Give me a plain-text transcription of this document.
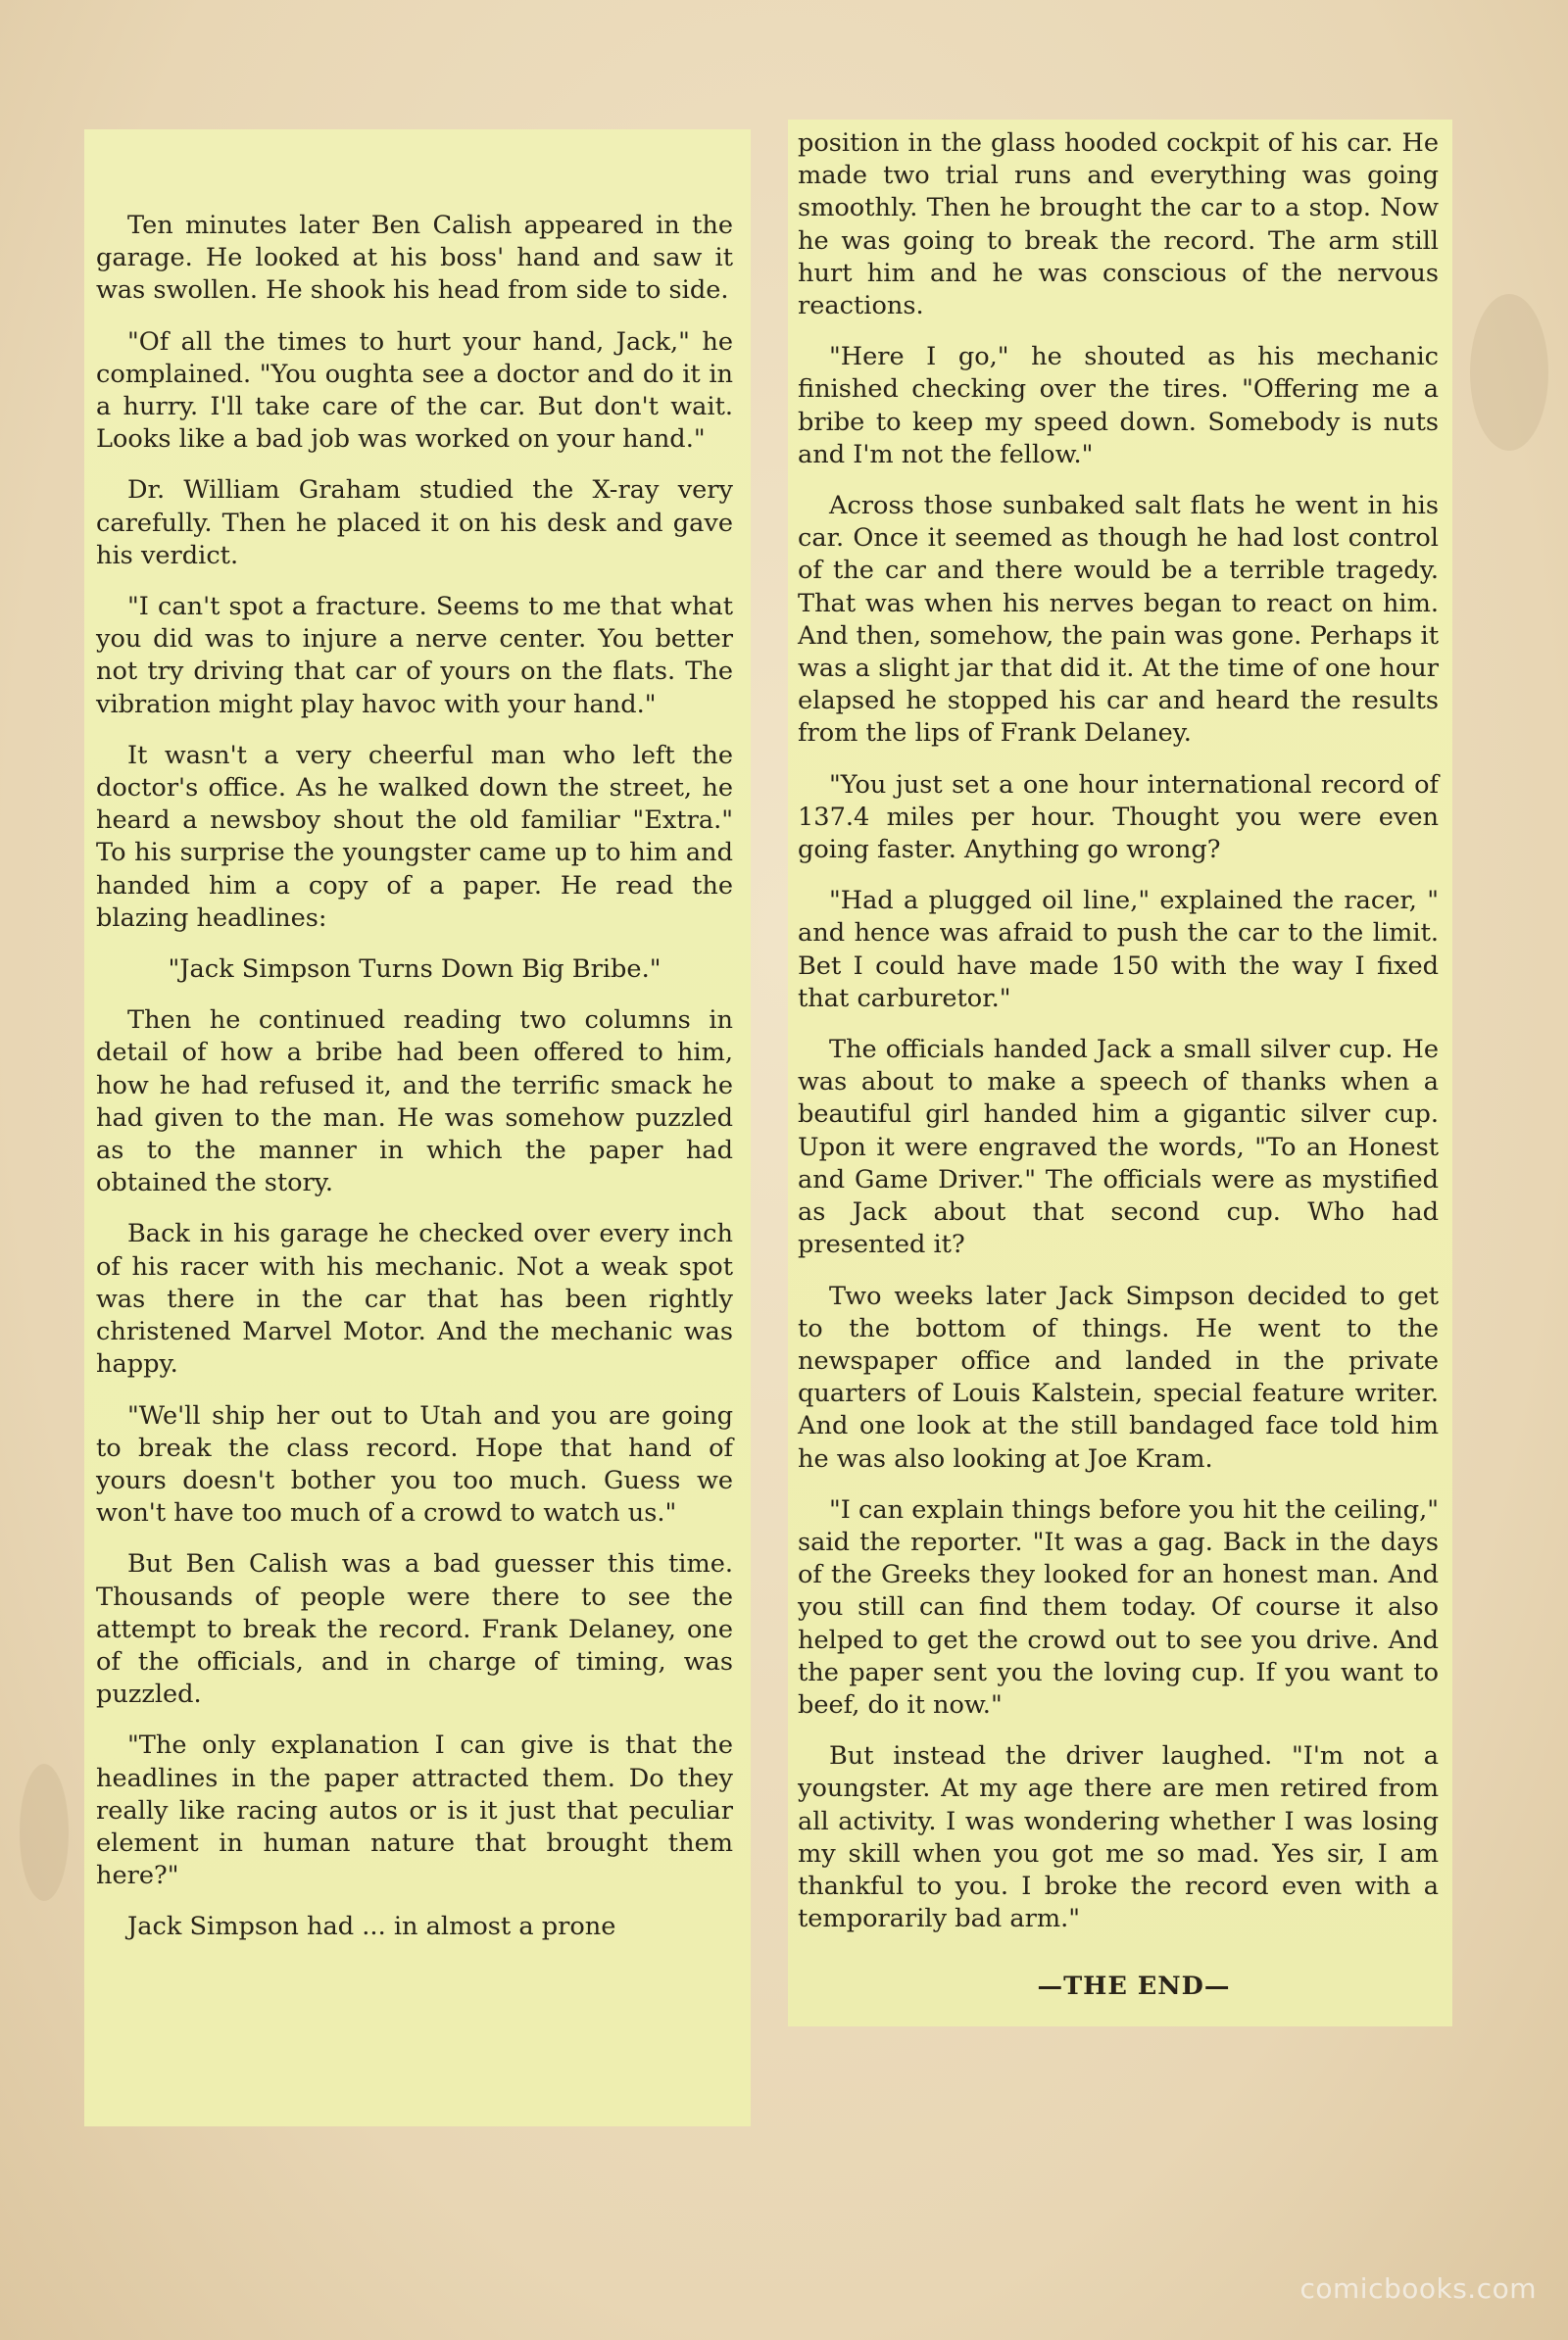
Ten minutes later Ben Calish appeared in the garage. He looked at his boss' hand and saw it was swollen. He shook his head from side to side.

"Of all the times to hurt your hand, Jack," he complained. "You oughta see a doctor and do it in a hurry. I'll take care of the car. But don't wait. Looks like a bad job was worked on your hand."

Dr. William Graham studied the X-ray very carefully. Then he placed it on his desk and gave his verdict.

"I can't spot a fracture. Seems to me that what you did was to injure a nerve center. You better not try driving that car of yours on the flats. The vibration might play havoc with your hand."

It wasn't a very cheerful man who left the doctor's office. As he walked down the street, he heard a newsboy shout the old familiar "Extra." To his surprise the youngster came up to him and handed him a copy of a paper. He read the blazing headlines:

"Jack Simpson Turns Down Big Bribe."

Then he continued reading two columns in detail of how a bribe had been offered to him, how he had refused it, and the terrific smack he had given to the man. He was somehow puzzled as to the manner in which the paper had obtained the story.

Back in his garage he checked over every inch of his racer with his mechanic. Not a weak spot was there in the car that has been rightly christened Marvel Motor. And the mechanic was happy.

"We'll ship her out to Utah and you are going to break the class record. Hope that hand of yours doesn't bother you too much. Guess we won't have too much of a crowd to watch us."

But Ben Calish was a bad guesser this time. Thousands of people were there to see the attempt to break the record. Frank Delaney, one of the officials, and in charge of timing, was puzzled.

"The only explanation I can give is that the headlines in the paper attracted them. Do they really like racing autos or is it just that peculiar element in human nature that brought them here?"

Jack Simpson had ... in almost a prone

position in the glass hooded cockpit of his car. He made two trial runs and everything was going smoothly. Then he brought the car to a stop. Now he was going to break the record. The arm still hurt him and he was conscious of the nervous reactions.

"Here I go," he shouted as his mechanic finished checking over the tires. "Offering me a bribe to keep my speed down. Somebody is nuts and I'm not the fellow."

Across those sunbaked salt flats he went in his car. Once it seemed as though he had lost control of the car and there would be a terrible tragedy. That was when his nerves began to react on him. And then, somehow, the pain was gone. Perhaps it was a slight jar that did it. At the time of one hour elapsed he stopped his car and heard the results from the lips of Frank Delaney.

"You just set a one hour international record of 137.4 miles per hour. Thought you were even going faster. Anything go wrong?

"Had a plugged oil line," explained the racer, " and hence was afraid to push the car to the limit. Bet I could have made 150 with the way I fixed that carburetor."

The officials handed Jack a small silver cup. He was about to make a speech of thanks when a beautiful girl handed him a gigantic silver cup. Upon it were engraved the words, "To an Honest and Game Driver." The officials were as mystified as Jack about that second cup. Who had presented it?

Two weeks later Jack Simpson decided to get to the bottom of things. He went to the newspaper office and landed in the private quarters of Louis Kalstein, special feature writer. And one look at the still bandaged face told him he was also looking at Joe Kram.

"I can explain things before you hit the ceiling," said the reporter. "It was a gag. Back in the days of the Greeks they looked for an honest man. And you still can find them today. Of course it also helped to get the crowd out to see you drive. And the paper sent you the loving cup. If you want to beef, do it now."

But instead the driver laughed. "I'm not a youngster. At my age there are men retired from all activity. I was wondering whether I was losing my skill when you got me so mad. Yes sir, I am thankful to you. I broke the record even with a temporarily bad arm."

—THE END—

comicbooks.com
